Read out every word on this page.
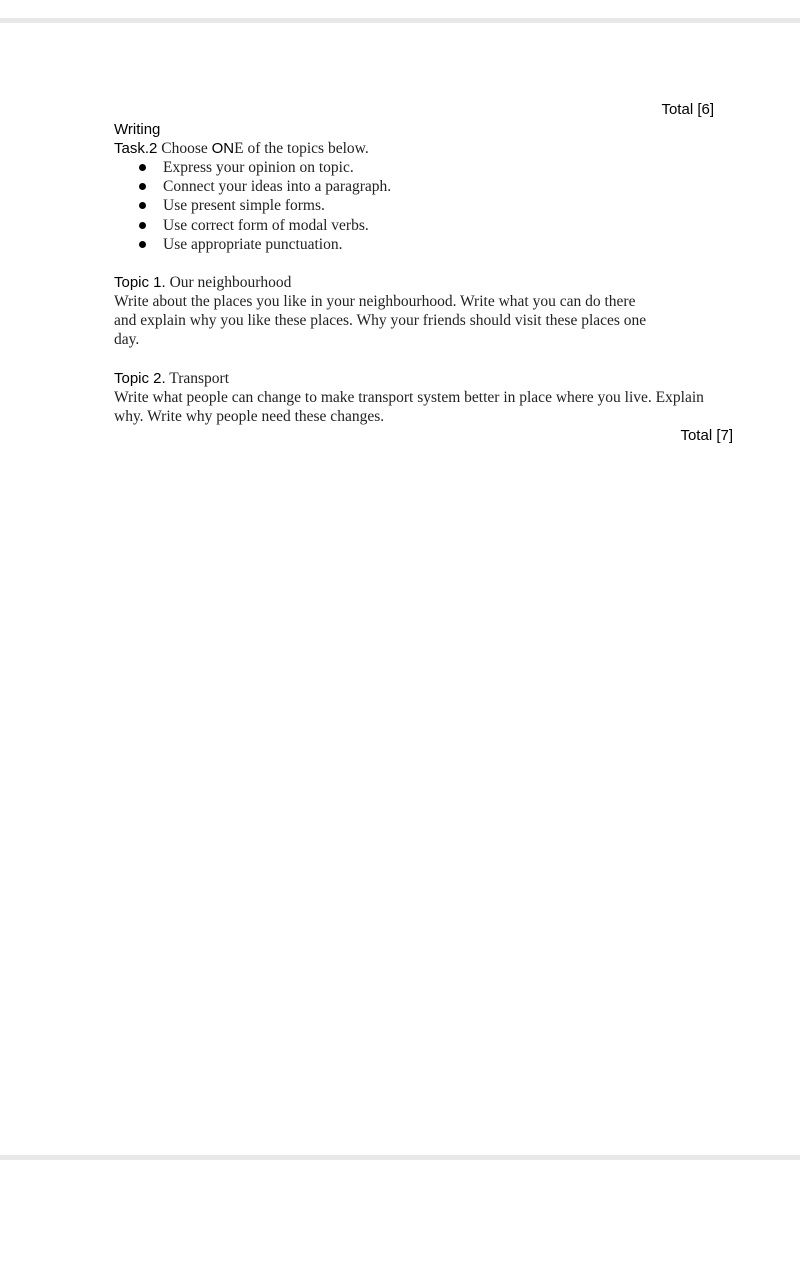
Total [6]
Writing
Task.2 Choose ONE of the topics below.
Express your opinion on topic.
Connect your ideas into a paragraph.
Use present simple forms.
Use correct form of modal verbs.
Use appropriate punctuation.
Topic 1. Our neighbourhood
Write about the places you like in your neighbourhood. Write what you can do there
and explain why you like these places. Why your friends should visit these places one
day.
Topic 2. Transport
Write what people can change to make transport system better in place where you live. Explain
why. Write why people need these changes.
Total [7]
